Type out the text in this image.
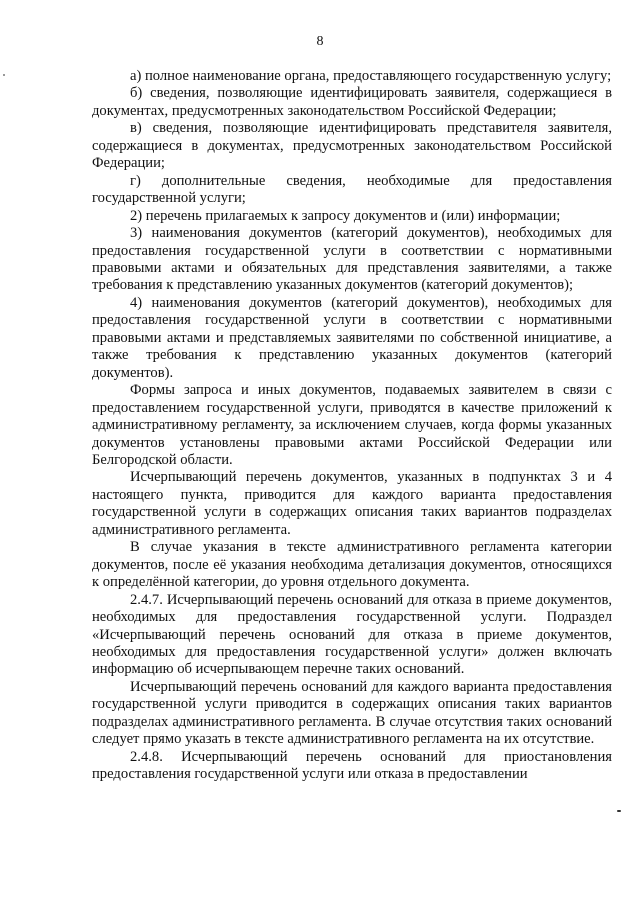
8

а) полное наименование органа, предоставляющего государственную услугу;

б) сведения, позволяющие идентифицировать заявителя, содержащиеся в документах, предусмотренных законодательством Российской Федерации;

в) сведения, позволяющие идентифицировать представителя заявителя, содержащиеся в документах, предусмотренных законодательством Российской Федерации;

г) дополнительные сведения, необходимые для предоставления государственной услуги;

2) перечень прилагаемых к запросу документов и (или) информации;

3) наименования документов (категорий документов), необходимых для предоставления государственной услуги в соответствии с нормативными правовыми актами и обязательных для представления заявителями, а также требования к представлению указанных документов (категорий документов);

4) наименования документов (категорий документов), необходимых для предоставления государственной услуги в соответствии с нормативными правовыми актами и представляемых заявителями по собственной инициативе, а также требования к представлению указанных документов (категорий документов).

Формы запроса и иных документов, подаваемых заявителем в связи с предоставлением государственной услуги, приводятся в качестве приложений к административному регламенту, за исключением случаев, когда формы указанных документов установлены правовыми актами Российской Федерации или Белгородской области.

Исчерпывающий перечень документов, указанных в подпунктах 3 и 4 настоящего пункта, приводится для каждого варианта предоставления государственной услуги в содержащих описания таких вариантов подразделах административного регламента.

В случае указания в тексте административного регламента категории документов, после её указания необходима детализация документов, относящихся к определённой категории, до уровня отдельного документа.

2.4.7. Исчерпывающий перечень оснований для отказа в приеме документов, необходимых для предоставления государственной услуги. Подраздел «Исчерпывающий перечень оснований для отказа в приеме документов, необходимых для предоставления государственной услуги» должен включать информацию об исчерпывающем перечне таких оснований.

Исчерпывающий перечень оснований для каждого варианта предоставления государственной услуги приводится в содержащих описания таких вариантов подразделах административного регламента. В случае отсутствия таких оснований следует прямо указать в тексте административного регламента на их отсутствие.

2.4.8. Исчерпывающий перечень оснований для приостановления предоставления государственной услуги или отказа в предоставлении
